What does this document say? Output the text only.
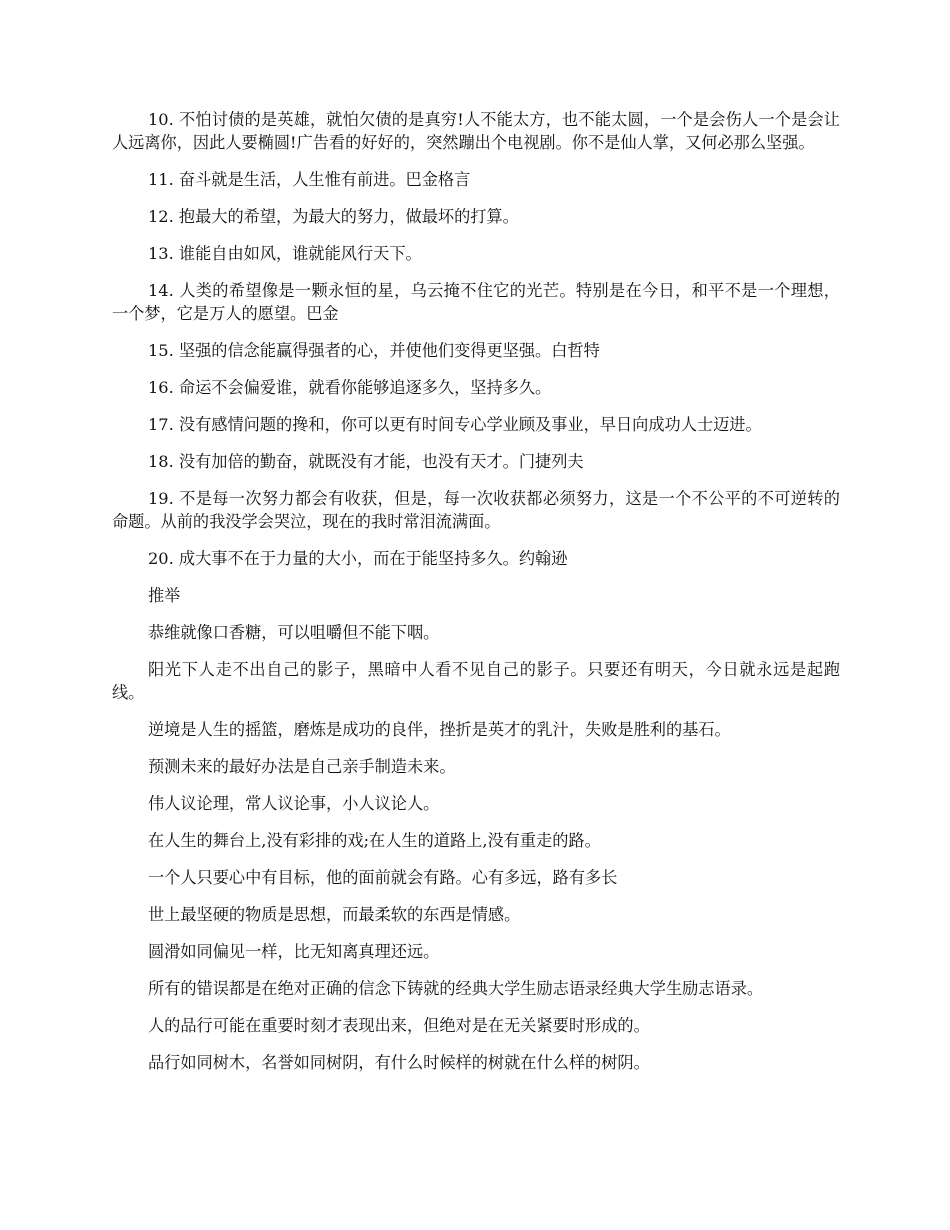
10. 不怕讨债的是英雄，就怕欠债的是真穷!人不能太方，也不能太圆，一个是会伤人一个是会让人远离你，因此人要椭圆!广告看的好好的，突然蹦出个电视剧。你不是仙人掌，又何必那么坚强。

11. 奋斗就是生活，人生惟有前进。巴金格言

12. 抱最大的希望，为最大的努力，做最坏的打算。

13. 谁能自由如风，谁就能风行天下。

14. 人类的希望像是一颗永恒的星，乌云掩不住它的光芒。特别是在今日，和平不是一个理想，一个梦，它是万人的愿望。巴金

15. 坚强的信念能赢得强者的心，并使他们变得更坚强。白哲特

16. 命运不会偏爱谁，就看你能够追逐多久，坚持多久。

17. 没有感情问题的搀和，你可以更有时间专心学业顾及事业，早日向成功人士迈进。

18. 没有加倍的勤奋，就既没有才能，也没有天才。门捷列夫

19. 不是每一次努力都会有收获，但是，每一次收获都必须努力，这是一个不公平的不可逆转的命题。从前的我没学会哭泣，现在的我时常泪流满面。

20. 成大事不在于力量的大小，而在于能坚持多久。约翰逊

推举

恭维就像口香糖，可以咀嚼但不能下咽。

阳光下人走不出自己的影子，黑暗中人看不见自己的影子。只要还有明天，今日就永远是起跑线。

逆境是人生的摇篮，磨炼是成功的良伴，挫折是英才的乳汁，失败是胜利的基石。

预测未来的最好办法是自己亲手制造未来。

伟人议论理，常人议论事，小人议论人。

在人生的舞台上,没有彩排的戏;在人生的道路上,没有重走的路。

一个人只要心中有目标，他的面前就会有路。心有多远，路有多长

世上最坚硬的物质是思想，而最柔软的东西是情感。

圆滑如同偏见一样，比无知离真理还远。

所有的错误都是在绝对正确的信念下铸就的经典大学生励志语录经典大学生励志语录。

人的品行可能在重要时刻才表现出来，但绝对是在无关紧要时形成的。

品行如同树木，名誉如同树阴，有什么时候样的树就在什么样的树阴。
